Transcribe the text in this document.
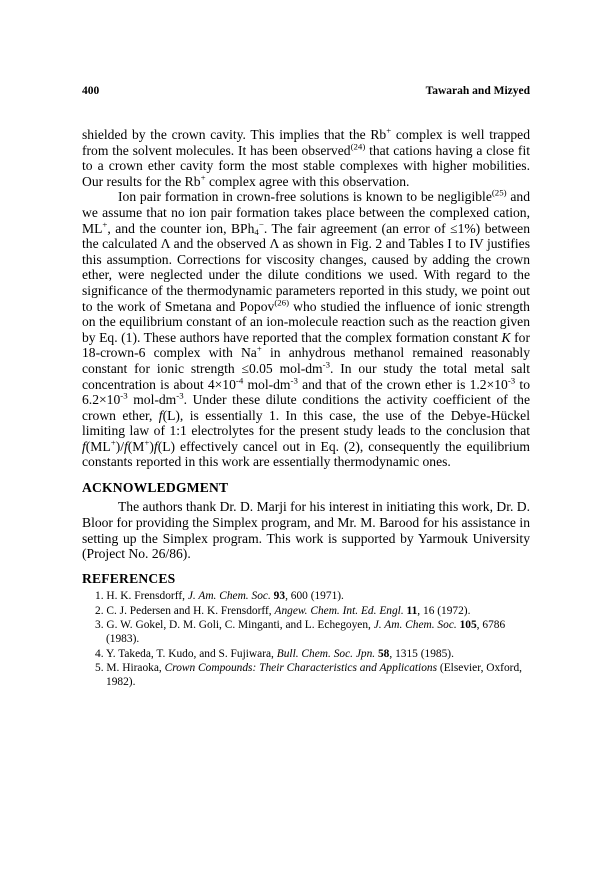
400	Tawarah and Mizyed

shielded by the crown cavity. This implies that the Rb+ complex is well trapped from the solvent molecules. It has been observed$^{(24)}$ that cations having a close fit to a crown ether cavity form the most stable complexes with higher mobilities. Our results for the Rb+ complex agree with this observation.

Ion pair formation in crown-free solutions is known to be negligible$^{(25)}$ and we assume that no ion pair formation takes place between the complexed cation, ML+, and the counter ion, BPh$_4$−. The fair agreement (an error of ≤1%) between the calculated Λ and the observed Λ as shown in Fig. 2 and Tables I to IV justifies this assumption. Corrections for viscosity changes, caused by adding the crown ether, were neglected under the dilute conditions we used. With regard to the significance of the thermodynamic parameters reported in this study, we point out to the work of Smetana and Popov$^{(26)}$ who studied the influence of ionic strength on the equilibrium constant of an ion-molecule reaction such as the reaction given by Eq. (1). These authors have reported that the complex formation constant K for 18-crown-6 complex with Na+ in anhydrous methanol remained reasonably constant for ionic strength ≤0.05 mol-$dm^{-3}$. In our study the total metal salt concentration is about $4\times 10^{-4}$ mol-$dm^{-3}$ and that of the crown ether is $1.2\times 10^{-3}$ to $6.2\times 10^{-3}$ mol-$dm^{-3}$. Under these dilute conditions the activity coefficient of the crown ether, f(L), is essentially 1. In this case, the use of the Debye-Hückel limiting law of 1:1 electrolytes for the present study leads to the conclusion that f(ML+)/f(M+)f(L) effectively cancel out in Eq. (2), consequently the equilibrium constants reported in this work are essentially thermodynamic ones.

ACKNOWLEDGMENT
The authors thank Dr. D. Marji for his interest in initiating this work, Dr. D. Bloor for providing the Simplex program, and Mr. M. Barood for his assistance in setting up the Simplex program. This work is supported by Yarmouk University (Project No. 26/86).
REFERENCES
1. H. K. Frensdorff, J. Am. Chem. Soc. 93, 600 (1971).
2. C. J. Pedersen and H. K. Frensdorff, Angew. Chem. Int. Ed. Engl. 11, 16 (1972).
3. G. W. Gokel, D. M. Goli, C. Minganti, and L. Echegoyen, J. Am. Chem. Soc. 105, 6786 (1983).
4. Y. Takeda, T. Kudo, and S. Fujiwara, Bull. Chem. Soc. Jpn. 58, 1315 (1985).
5. M. Hiraoka, Crown Compounds: Their Characteristics and Applications (Elsevier, Oxford, 1982).
